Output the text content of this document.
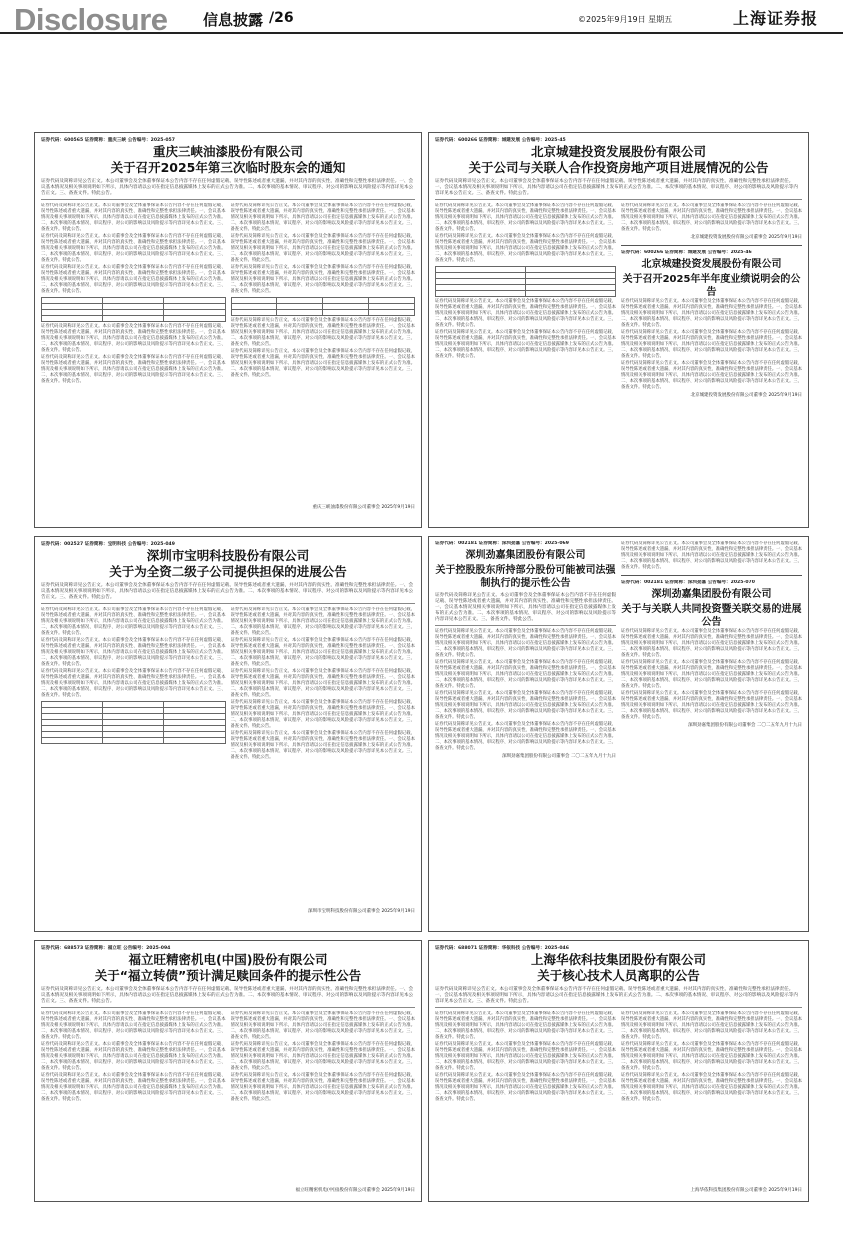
Disclosure 信息披露 /26	©2025年9月19日 星期五	上海证券报
证券代码：600565 证券简称：重庆三峡 公告编号：2025-057
重庆三峡油漆股份有限公司
关于召开2025年第三次临时股东会的通知
证券代码及简称详见公告正文。本公司董事会及全体董事保证本公告内容不存在任何虚假记载、误导性陈述或者重大遗漏，并对其内容的真实性、准确性和完整性承担法律责任。一、会议基本情况及相关事项说明如下所示，具体内容请以公司在指定信息披露媒体上发布的正式公告为准。二、本次事项的基本情况、审议程序、对公司的影响以及风险提示等内容详见本公告正文。三、备查文件。特此公告。

证券代码及简称详见公告正文。本公司董事会及全体董事保证本公告内容不存在任何虚假记载、误导性陈述或者重大遗漏，并对其内容的真实性、准确性和完整性承担法律责任。一、会议基本情况及相关事项说明如下所示，具体内容请以公司在指定信息披露媒体上发布的正式公告为准。二、本次事项的基本情况、审议程序、对公司的影响以及风险提示等内容详见本公告正文。三、备查文件。特此公告。

证券代码及简称详见公告正文。本公司董事会及全体董事保证本公告内容不存在任何虚假记载、误导性陈述或者重大遗漏，并对其内容的真实性、准确性和完整性承担法律责任。一、会议基本情况及相关事项说明如下所示，具体内容请以公司在指定信息披露媒体上发布的正式公告为准。二、本次事项的基本情况、审议程序、对公司的影响以及风险提示等内容详见本公告正文。三、备查文件。特此公告。

证券代码及简称详见公告正文。本公司董事会及全体董事保证本公告内容不存在任何虚假记载、误导性陈述或者重大遗漏，并对其内容的真实性、准确性和完整性承担法律责任。一、会议基本情况及相关事项说明如下所示，具体内容请以公司在指定信息披露媒体上发布的正式公告为准。二、本次事项的基本情况、审议程序、对公司的影响以及风险提示等内容详见本公告正文。三、备查文件。特此公告。

证券代码及简称详见公告正文。本公司董事会及全体董事保证本公告内容不存在任何虚假记载、误导性陈述或者重大遗漏，并对其内容的真实性、准确性和完整性承担法律责任。一、会议基本情况及相关事项说明如下所示，具体内容请以公司在指定信息披露媒体上发布的正式公告为准。二、本次事项的基本情况、审议程序、对公司的影响以及风险提示等内容详见本公告正文。三、备查文件。特此公告。

证券代码及简称详见公告正文。本公司董事会及全体董事保证本公告内容不存在任何虚假记载、误导性陈述或者重大遗漏，并对其内容的真实性、准确性和完整性承担法律责任。一、会议基本情况及相关事项说明如下所示，具体内容请以公司在指定信息披露媒体上发布的正式公告为准。二、本次事项的基本情况、审议程序、对公司的影响以及风险提示等内容详见本公告正文。三、备查文件。特此公告。

证券代码及简称详见公告正文。本公司董事会及全体董事保证本公告内容不存在任何虚假记载、误导性陈述或者重大遗漏，并对其内容的真实性、准确性和完整性承担法律责任。一、会议基本情况及相关事项说明如下所示，具体内容请以公司在指定信息披露媒体上发布的正式公告为准。二、本次事项的基本情况、审议程序、对公司的影响以及风险提示等内容详见本公告正文。三、备查文件。特此公告。

证券代码及简称详见公告正文。本公司董事会及全体董事保证本公告内容不存在任何虚假记载、误导性陈述或者重大遗漏，并对其内容的真实性、准确性和完整性承担法律责任。一、会议基本情况及相关事项说明如下所示，具体内容请以公司在指定信息披露媒体上发布的正式公告为准。二、本次事项的基本情况、审议程序、对公司的影响以及风险提示等内容详见本公告正文。三、备查文件。特此公告。

证券代码及简称详见公告正文。本公司董事会及全体董事保证本公告内容不存在任何虚假记载、误导性陈述或者重大遗漏，并对其内容的真实性、准确性和完整性承担法律责任。一、会议基本情况及相关事项说明如下所示，具体内容请以公司在指定信息披露媒体上发布的正式公告为准。二、本次事项的基本情况、审议程序、对公司的影响以及风险提示等内容详见本公告正文。三、备查文件。特此公告。

证券代码及简称详见公告正文。本公司董事会及全体董事保证本公告内容不存在任何虚假记载、误导性陈述或者重大遗漏，并对其内容的真实性、准确性和完整性承担法律责任。一、会议基本情况及相关事项说明如下所示，具体内容请以公司在指定信息披露媒体上发布的正式公告为准。二、本次事项的基本情况、审议程序、对公司的影响以及风险提示等内容详见本公告正文。三、备查文件。特此公告。

证券代码及简称详见公告正文。本公司董事会及全体董事保证本公告内容不存在任何虚假记载、误导性陈述或者重大遗漏，并对其内容的真实性、准确性和完整性承担法律责任。一、会议基本情况及相关事项说明如下所示，具体内容请以公司在指定信息披露媒体上发布的正式公告为准。二、本次事项的基本情况、审议程序、对公司的影响以及风险提示等内容详见本公告正文。三、备查文件。特此公告。

重庆三峡油漆股份有限公司董事会 2025年9月19日
证券代码：600266 证券简称：城建发展 公告编号：2025-45
北京城建投资发展股份有限公司
关于公司与关联人合作投资房地产项目进展情况的公告
证券代码及简称详见公告正文。本公司董事会及全体董事保证本公告内容不存在任何虚假记载、误导性陈述或者重大遗漏，并对其内容的真实性、准确性和完整性承担法律责任。一、会议基本情况及相关事项说明如下所示，具体内容请以公司在指定信息披露媒体上发布的正式公告为准。二、本次事项的基本情况、审议程序、对公司的影响以及风险提示等内容详见本公告正文。三、备查文件。特此公告。

证券代码及简称详见公告正文。本公司董事会及全体董事保证本公告内容不存在任何虚假记载、误导性陈述或者重大遗漏，并对其内容的真实性、准确性和完整性承担法律责任。一、会议基本情况及相关事项说明如下所示，具体内容请以公司在指定信息披露媒体上发布的正式公告为准。二、本次事项的基本情况、审议程序、对公司的影响以及风险提示等内容详见本公告正文。三、备查文件。特此公告。

证券代码及简称详见公告正文。本公司董事会及全体董事保证本公告内容不存在任何虚假记载、误导性陈述或者重大遗漏，并对其内容的真实性、准确性和完整性承担法律责任。一、会议基本情况及相关事项说明如下所示，具体内容请以公司在指定信息披露媒体上发布的正式公告为准。二、本次事项的基本情况、审议程序、对公司的影响以及风险提示等内容详见本公告正文。三、备查文件。特此公告。

证券代码及简称详见公告正文。本公司董事会及全体董事保证本公告内容不存在任何虚假记载、误导性陈述或者重大遗漏，并对其内容的真实性、准确性和完整性承担法律责任。一、会议基本情况及相关事项说明如下所示，具体内容请以公司在指定信息披露媒体上发布的正式公告为准。二、本次事项的基本情况、审议程序、对公司的影响以及风险提示等内容详见本公告正文。三、备查文件。特此公告。

证券代码及简称详见公告正文。本公司董事会及全体董事保证本公告内容不存在任何虚假记载、误导性陈述或者重大遗漏，并对其内容的真实性、准确性和完整性承担法律责任。一、会议基本情况及相关事项说明如下所示，具体内容请以公司在指定信息披露媒体上发布的正式公告为准。二、本次事项的基本情况、审议程序、对公司的影响以及风险提示等内容详见本公告正文。三、备查文件。特此公告。

证券代码及简称详见公告正文。本公司董事会及全体董事保证本公告内容不存在任何虚假记载、误导性陈述或者重大遗漏，并对其内容的真实性、准确性和完整性承担法律责任。一、会议基本情况及相关事项说明如下所示，具体内容请以公司在指定信息披露媒体上发布的正式公告为准。二、本次事项的基本情况、审议程序、对公司的影响以及风险提示等内容详见本公告正文。三、备查文件。特此公告。

北京城建投资发展股份有限公司董事会 2025年9月19日
证券代码：600266 证券简称：城建发展 公告编号：2025-46
北京城建投资发展股份有限公司
关于召开2025年半年度业绩说明会的公告

证券代码及简称详见公告正文。本公司董事会及全体董事保证本公告内容不存在任何虚假记载、误导性陈述或者重大遗漏，并对其内容的真实性、准确性和完整性承担法律责任。一、会议基本情况及相关事项说明如下所示，具体内容请以公司在指定信息披露媒体上发布的正式公告为准。二、本次事项的基本情况、审议程序、对公司的影响以及风险提示等内容详见本公告正文。三、备查文件。特此公告。

证券代码及简称详见公告正文。本公司董事会及全体董事保证本公告内容不存在任何虚假记载、误导性陈述或者重大遗漏，并对其内容的真实性、准确性和完整性承担法律责任。一、会议基本情况及相关事项说明如下所示，具体内容请以公司在指定信息披露媒体上发布的正式公告为准。二、本次事项的基本情况、审议程序、对公司的影响以及风险提示等内容详见本公告正文。三、备查文件。特此公告。

证券代码及简称详见公告正文。本公司董事会及全体董事保证本公告内容不存在任何虚假记载、误导性陈述或者重大遗漏，并对其内容的真实性、准确性和完整性承担法律责任。一、会议基本情况及相关事项说明如下所示，具体内容请以公司在指定信息披露媒体上发布的正式公告为准。二、本次事项的基本情况、审议程序、对公司的影响以及风险提示等内容详见本公告正文。三、备查文件。特此公告。

北京城建投资发展股份有限公司董事会 2025年9月19日
证券代码：002527 证券简称：宝明科技 公告编号：2025-049
深圳市宝明科技股份有限公司
关于为全资二级子公司提供担保的进展公告
证券代码及简称详见公告正文。本公司董事会及全体董事保证本公告内容不存在任何虚假记载、误导性陈述或者重大遗漏，并对其内容的真实性、准确性和完整性承担法律责任。一、会议基本情况及相关事项说明如下所示，具体内容请以公司在指定信息披露媒体上发布的正式公告为准。二、本次事项的基本情况、审议程序、对公司的影响以及风险提示等内容详见本公告正文。三、备查文件。特此公告。

证券代码及简称详见公告正文。本公司董事会及全体董事保证本公告内容不存在任何虚假记载、误导性陈述或者重大遗漏，并对其内容的真实性、准确性和完整性承担法律责任。一、会议基本情况及相关事项说明如下所示，具体内容请以公司在指定信息披露媒体上发布的正式公告为准。二、本次事项的基本情况、审议程序、对公司的影响以及风险提示等内容详见本公告正文。三、备查文件。特此公告。

证券代码及简称详见公告正文。本公司董事会及全体董事保证本公告内容不存在任何虚假记载、误导性陈述或者重大遗漏，并对其内容的真实性、准确性和完整性承担法律责任。一、会议基本情况及相关事项说明如下所示，具体内容请以公司在指定信息披露媒体上发布的正式公告为准。二、本次事项的基本情况、审议程序、对公司的影响以及风险提示等内容详见本公告正文。三、备查文件。特此公告。

证券代码及简称详见公告正文。本公司董事会及全体董事保证本公告内容不存在任何虚假记载、误导性陈述或者重大遗漏，并对其内容的真实性、准确性和完整性承担法律责任。一、会议基本情况及相关事项说明如下所示，具体内容请以公司在指定信息披露媒体上发布的正式公告为准。二、本次事项的基本情况、审议程序、对公司的影响以及风险提示等内容详见本公告正文。三、备查文件。特此公告。

证券代码及简称详见公告正文。本公司董事会及全体董事保证本公告内容不存在任何虚假记载、误导性陈述或者重大遗漏，并对其内容的真实性、准确性和完整性承担法律责任。一、会议基本情况及相关事项说明如下所示，具体内容请以公司在指定信息披露媒体上发布的正式公告为准。二、本次事项的基本情况、审议程序、对公司的影响以及风险提示等内容详见本公告正文。三、备查文件。特此公告。

证券代码及简称详见公告正文。本公司董事会及全体董事保证本公告内容不存在任何虚假记载、误导性陈述或者重大遗漏，并对其内容的真实性、准确性和完整性承担法律责任。一、会议基本情况及相关事项说明如下所示，具体内容请以公司在指定信息披露媒体上发布的正式公告为准。二、本次事项的基本情况、审议程序、对公司的影响以及风险提示等内容详见本公告正文。三、备查文件。特此公告。

证券代码及简称详见公告正文。本公司董事会及全体董事保证本公告内容不存在任何虚假记载、误导性陈述或者重大遗漏，并对其内容的真实性、准确性和完整性承担法律责任。一、会议基本情况及相关事项说明如下所示，具体内容请以公司在指定信息披露媒体上发布的正式公告为准。二、本次事项的基本情况、审议程序、对公司的影响以及风险提示等内容详见本公告正文。三、备查文件。特此公告。

证券代码及简称详见公告正文。本公司董事会及全体董事保证本公告内容不存在任何虚假记载、误导性陈述或者重大遗漏，并对其内容的真实性、准确性和完整性承担法律责任。一、会议基本情况及相关事项说明如下所示，具体内容请以公司在指定信息披露媒体上发布的正式公告为准。二、本次事项的基本情况、审议程序、对公司的影响以及风险提示等内容详见本公告正文。三、备查文件。特此公告。

证券代码及简称详见公告正文。本公司董事会及全体董事保证本公告内容不存在任何虚假记载、误导性陈述或者重大遗漏，并对其内容的真实性、准确性和完整性承担法律责任。一、会议基本情况及相关事项说明如下所示，具体内容请以公司在指定信息披露媒体上发布的正式公告为准。二、本次事项的基本情况、审议程序、对公司的影响以及风险提示等内容详见本公告正文。三、备查文件。特此公告。

深圳市宝明科技股份有限公司董事会 2025年9月19日
证券代码：002181 证券简称：深圳劲嘉 公告编号：2025-069
深圳劲嘉集团股份有限公司
关于控股股东所持部分股份可能被司法强制执行的提示性公告
证券代码及简称详见公告正文。本公司董事会及全体董事保证本公告内容不存在任何虚假记载、误导性陈述或者重大遗漏，并对其内容的真实性、准确性和完整性承担法律责任。一、会议基本情况及相关事项说明如下所示，具体内容请以公司在指定信息披露媒体上发布的正式公告为准。二、本次事项的基本情况、审议程序、对公司的影响以及风险提示等内容详见本公告正文。三、备查文件。特此公告。

证券代码及简称详见公告正文。本公司董事会及全体董事保证本公告内容不存在任何虚假记载、误导性陈述或者重大遗漏，并对其内容的真实性、准确性和完整性承担法律责任。一、会议基本情况及相关事项说明如下所示，具体内容请以公司在指定信息披露媒体上发布的正式公告为准。二、本次事项的基本情况、审议程序、对公司的影响以及风险提示等内容详见本公告正文。三、备查文件。特此公告。

证券代码及简称详见公告正文。本公司董事会及全体董事保证本公告内容不存在任何虚假记载、误导性陈述或者重大遗漏，并对其内容的真实性、准确性和完整性承担法律责任。一、会议基本情况及相关事项说明如下所示，具体内容请以公司在指定信息披露媒体上发布的正式公告为准。二、本次事项的基本情况、审议程序、对公司的影响以及风险提示等内容详见本公告正文。三、备查文件。特此公告。

证券代码及简称详见公告正文。本公司董事会及全体董事保证本公告内容不存在任何虚假记载、误导性陈述或者重大遗漏，并对其内容的真实性、准确性和完整性承担法律责任。一、会议基本情况及相关事项说明如下所示，具体内容请以公司在指定信息披露媒体上发布的正式公告为准。二、本次事项的基本情况、审议程序、对公司的影响以及风险提示等内容详见本公告正文。三、备查文件。特此公告。

证券代码及简称详见公告正文。本公司董事会及全体董事保证本公告内容不存在任何虚假记载、误导性陈述或者重大遗漏，并对其内容的真实性、准确性和完整性承担法律责任。一、会议基本情况及相关事项说明如下所示，具体内容请以公司在指定信息披露媒体上发布的正式公告为准。二、本次事项的基本情况、审议程序、对公司的影响以及风险提示等内容详见本公告正文。三、备查文件。特此公告。

深圳劲嘉集团股份有限公司董事会 二〇二五年九月十九日

证券代码及简称详见公告正文。本公司董事会及全体董事保证本公告内容不存在任何虚假记载、误导性陈述或者重大遗漏，并对其内容的真实性、准确性和完整性承担法律责任。一、会议基本情况及相关事项说明如下所示，具体内容请以公司在指定信息披露媒体上发布的正式公告为准。二、本次事项的基本情况、审议程序、对公司的影响以及风险提示等内容详见本公告正文。三、备查文件。特此公告。

证券代码：002181 证券简称：深圳劲嘉 公告编号：2025-070
深圳劲嘉集团股份有限公司
关于与关联人共同投资暨关联交易的进展公告

证券代码及简称详见公告正文。本公司董事会及全体董事保证本公告内容不存在任何虚假记载、误导性陈述或者重大遗漏，并对其内容的真实性、准确性和完整性承担法律责任。一、会议基本情况及相关事项说明如下所示，具体内容请以公司在指定信息披露媒体上发布的正式公告为准。二、本次事项的基本情况、审议程序、对公司的影响以及风险提示等内容详见本公告正文。三、备查文件。特此公告。

证券代码及简称详见公告正文。本公司董事会及全体董事保证本公告内容不存在任何虚假记载、误导性陈述或者重大遗漏，并对其内容的真实性、准确性和完整性承担法律责任。一、会议基本情况及相关事项说明如下所示，具体内容请以公司在指定信息披露媒体上发布的正式公告为准。二、本次事项的基本情况、审议程序、对公司的影响以及风险提示等内容详见本公告正文。三、备查文件。特此公告。

证券代码及简称详见公告正文。本公司董事会及全体董事保证本公告内容不存在任何虚假记载、误导性陈述或者重大遗漏，并对其内容的真实性、准确性和完整性承担法律责任。一、会议基本情况及相关事项说明如下所示，具体内容请以公司在指定信息披露媒体上发布的正式公告为准。二、本次事项的基本情况、审议程序、对公司的影响以及风险提示等内容详见本公告正文。三、备查文件。特此公告。

深圳劲嘉集团股份有限公司董事会 二〇二五年九月十九日
证券代码：688573 证券简称：福立旺 公告编号：2025-094
福立旺精密机电(中国)股份有限公司
关于“福立转债”预计满足赎回条件的提示性公告
证券代码及简称详见公告正文。本公司董事会及全体董事保证本公告内容不存在任何虚假记载、误导性陈述或者重大遗漏，并对其内容的真实性、准确性和完整性承担法律责任。一、会议基本情况及相关事项说明如下所示，具体内容请以公司在指定信息披露媒体上发布的正式公告为准。二、本次事项的基本情况、审议程序、对公司的影响以及风险提示等内容详见本公告正文。三、备查文件。特此公告。

证券代码及简称详见公告正文。本公司董事会及全体董事保证本公告内容不存在任何虚假记载、误导性陈述或者重大遗漏，并对其内容的真实性、准确性和完整性承担法律责任。一、会议基本情况及相关事项说明如下所示，具体内容请以公司在指定信息披露媒体上发布的正式公告为准。二、本次事项的基本情况、审议程序、对公司的影响以及风险提示等内容详见本公告正文。三、备查文件。特此公告。

证券代码及简称详见公告正文。本公司董事会及全体董事保证本公告内容不存在任何虚假记载、误导性陈述或者重大遗漏，并对其内容的真实性、准确性和完整性承担法律责任。一、会议基本情况及相关事项说明如下所示，具体内容请以公司在指定信息披露媒体上发布的正式公告为准。二、本次事项的基本情况、审议程序、对公司的影响以及风险提示等内容详见本公告正文。三、备查文件。特此公告。

证券代码及简称详见公告正文。本公司董事会及全体董事保证本公告内容不存在任何虚假记载、误导性陈述或者重大遗漏，并对其内容的真实性、准确性和完整性承担法律责任。一、会议基本情况及相关事项说明如下所示，具体内容请以公司在指定信息披露媒体上发布的正式公告为准。二、本次事项的基本情况、审议程序、对公司的影响以及风险提示等内容详见本公告正文。三、备查文件。特此公告。

证券代码及简称详见公告正文。本公司董事会及全体董事保证本公告内容不存在任何虚假记载、误导性陈述或者重大遗漏，并对其内容的真实性、准确性和完整性承担法律责任。一、会议基本情况及相关事项说明如下所示，具体内容请以公司在指定信息披露媒体上发布的正式公告为准。二、本次事项的基本情况、审议程序、对公司的影响以及风险提示等内容详见本公告正文。三、备查文件。特此公告。

证券代码及简称详见公告正文。本公司董事会及全体董事保证本公告内容不存在任何虚假记载、误导性陈述或者重大遗漏，并对其内容的真实性、准确性和完整性承担法律责任。一、会议基本情况及相关事项说明如下所示，具体内容请以公司在指定信息披露媒体上发布的正式公告为准。二、本次事项的基本情况、审议程序、对公司的影响以及风险提示等内容详见本公告正文。三、备查文件。特此公告。

证券代码及简称详见公告正文。本公司董事会及全体董事保证本公告内容不存在任何虚假记载、误导性陈述或者重大遗漏，并对其内容的真实性、准确性和完整性承担法律责任。一、会议基本情况及相关事项说明如下所示，具体内容请以公司在指定信息披露媒体上发布的正式公告为准。二、本次事项的基本情况、审议程序、对公司的影响以及风险提示等内容详见本公告正文。三、备查文件。特此公告。

福立旺精密机电(中国)股份有限公司董事会 2025年9月19日
证券代码：688071 证券简称：华依科技 公告编号：2025-046
上海华依科技集团股份有限公司
关于核心技术人员离职的公告
证券代码及简称详见公告正文。本公司董事会及全体董事保证本公告内容不存在任何虚假记载、误导性陈述或者重大遗漏，并对其内容的真实性、准确性和完整性承担法律责任。一、会议基本情况及相关事项说明如下所示，具体内容请以公司在指定信息披露媒体上发布的正式公告为准。二、本次事项的基本情况、审议程序、对公司的影响以及风险提示等内容详见本公告正文。三、备查文件。特此公告。

证券代码及简称详见公告正文。本公司董事会及全体董事保证本公告内容不存在任何虚假记载、误导性陈述或者重大遗漏，并对其内容的真实性、准确性和完整性承担法律责任。一、会议基本情况及相关事项说明如下所示，具体内容请以公司在指定信息披露媒体上发布的正式公告为准。二、本次事项的基本情况、审议程序、对公司的影响以及风险提示等内容详见本公告正文。三、备查文件。特此公告。

证券代码及简称详见公告正文。本公司董事会及全体董事保证本公告内容不存在任何虚假记载、误导性陈述或者重大遗漏，并对其内容的真实性、准确性和完整性承担法律责任。一、会议基本情况及相关事项说明如下所示，具体内容请以公司在指定信息披露媒体上发布的正式公告为准。二、本次事项的基本情况、审议程序、对公司的影响以及风险提示等内容详见本公告正文。三、备查文件。特此公告。

证券代码及简称详见公告正文。本公司董事会及全体董事保证本公告内容不存在任何虚假记载、误导性陈述或者重大遗漏，并对其内容的真实性、准确性和完整性承担法律责任。一、会议基本情况及相关事项说明如下所示，具体内容请以公司在指定信息披露媒体上发布的正式公告为准。二、本次事项的基本情况、审议程序、对公司的影响以及风险提示等内容详见本公告正文。三、备查文件。特此公告。

证券代码及简称详见公告正文。本公司董事会及全体董事保证本公告内容不存在任何虚假记载、误导性陈述或者重大遗漏，并对其内容的真实性、准确性和完整性承担法律责任。一、会议基本情况及相关事项说明如下所示，具体内容请以公司在指定信息披露媒体上发布的正式公告为准。二、本次事项的基本情况、审议程序、对公司的影响以及风险提示等内容详见本公告正文。三、备查文件。特此公告。

证券代码及简称详见公告正文。本公司董事会及全体董事保证本公告内容不存在任何虚假记载、误导性陈述或者重大遗漏，并对其内容的真实性、准确性和完整性承担法律责任。一、会议基本情况及相关事项说明如下所示，具体内容请以公司在指定信息披露媒体上发布的正式公告为准。二、本次事项的基本情况、审议程序、对公司的影响以及风险提示等内容详见本公告正文。三、备查文件。特此公告。

证券代码及简称详见公告正文。本公司董事会及全体董事保证本公告内容不存在任何虚假记载、误导性陈述或者重大遗漏，并对其内容的真实性、准确性和完整性承担法律责任。一、会议基本情况及相关事项说明如下所示，具体内容请以公司在指定信息披露媒体上发布的正式公告为准。二、本次事项的基本情况、审议程序、对公司的影响以及风险提示等内容详见本公告正文。三、备查文件。特此公告。

上海华依科技集团股份有限公司董事会 2025年9月19日
